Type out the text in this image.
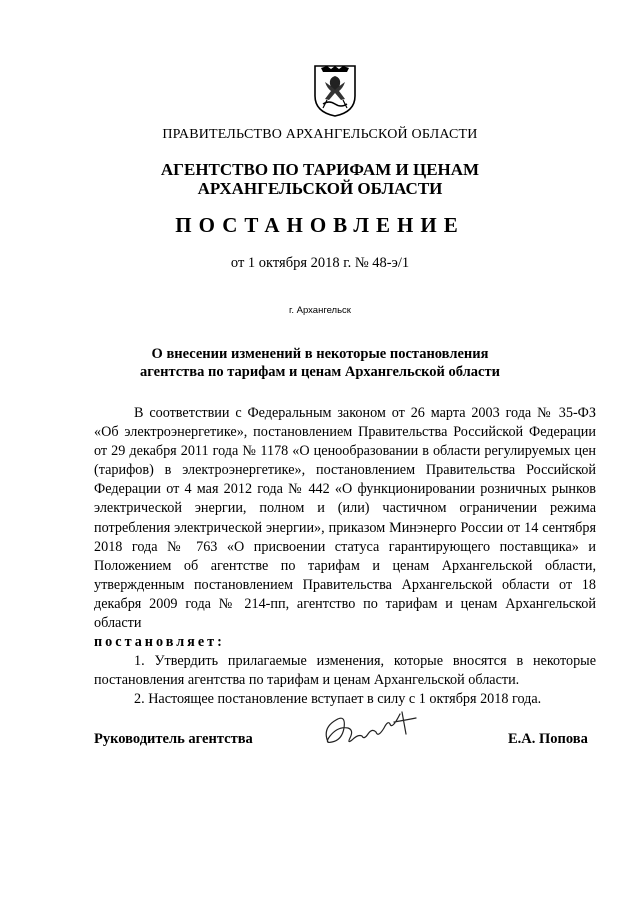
ПРАВИТЕЛЬСТВО АРХАНГЕЛЬСКОЙ ОБЛАСТИ
АГЕНТСТВО ПО ТАРИФАМ И ЦЕНАМ
АРХАНГЕЛЬСКОЙ ОБЛАСТИ
ПОСТАНОВЛЕНИЕ
от 1 октября 2018 г. № 48-э/1
г. Архангельск
О внесении изменений в некоторые постановления
агентства по тарифам и ценам Архангельской области

В соответствии с Федеральным законом от 26 марта 2003 года № 35-ФЗ «Об электроэнергетике», постановлением Правительства Российской Федерации от 29 декабря 2011 года № 1178 «О ценообразовании в области регулируемых цен (тарифов) в электроэнергетике», постановлением Правительства Российской Федерации от 4 мая 2012 года № 442 «О функционировании розничных рынков электрической энергии, полном и (или) частичном ограничении режима потребления электрической энергии», приказом Минэнерго России от 14 сентября 2018 года № 763 «О присвоении статуса гарантирующего поставщика» и Положением об агентстве по тарифам и ценам Архангельской области, утвержденным постановлением Правительства Архангельской области от 18 декабря 2009 года № 214-пп, агентство по тарифам и ценам Архангельской области

постановляет:

1. Утвердить прилагаемые изменения, которые вносятся в некоторые постановления агентства по тарифам и ценам Архангельской области.

2. Настоящее постановление вступает в силу с 1 октября 2018 года.

Руководитель агентства	Е.А. Попова
